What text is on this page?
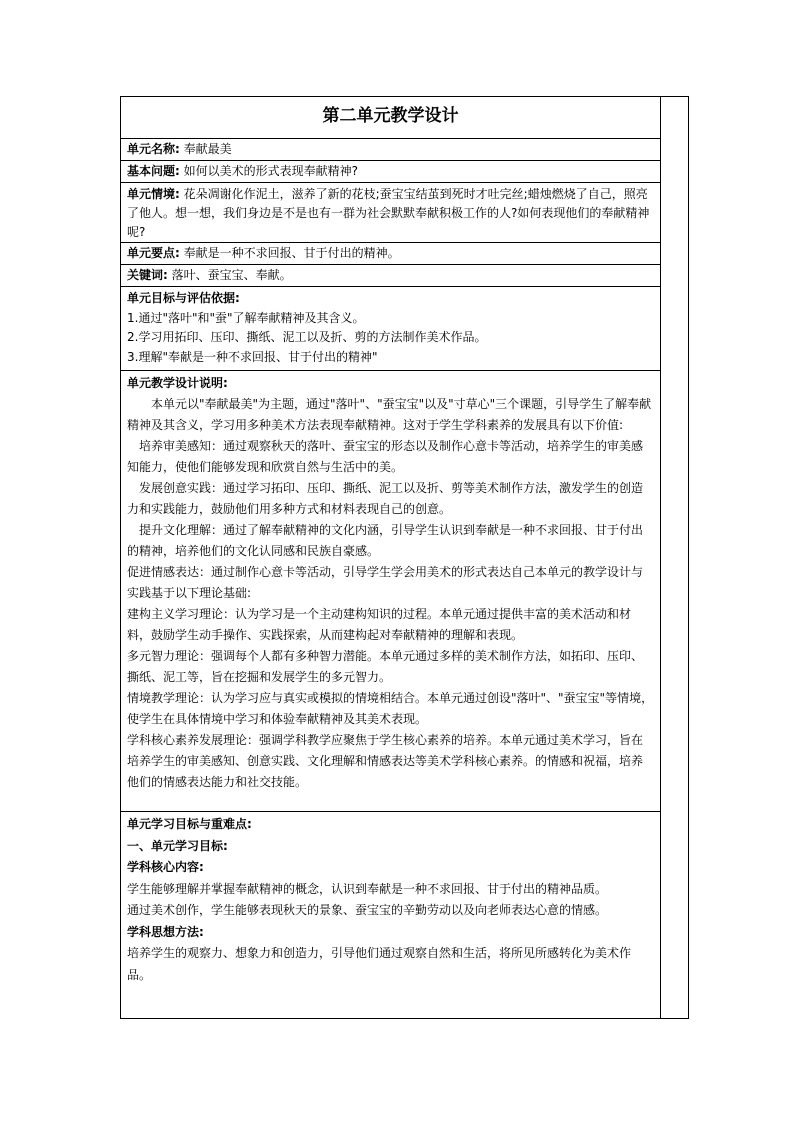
第二单元教学设计
单元名称: 奉献最美
基本问题: 如何以美术的形式表现奉献精神?
单元情境: 花朵凋谢化作泥土，滋养了新的花枝;蚕宝宝结茧到死时才吐完丝;蜡烛燃烧了自己，照亮了他人。想一想，我们身边是不是也有一群为社会默默奉献积极工作的人?如何表现他们的奉献精神呢?
单元要点: 奉献是一种不求回报、甘于付出的精神。
关键词: 落叶、蚕宝宝、奉献。

单元目标与评估依据:

1.通过"落叶"和"蚕"了解奉献精神及其含义。

2.学习用拓印、压印、撕纸、泥工以及折、剪的方法制作美术作品。

3.理解"奉献是一种不求回报、甘于付出的精神"

单元教学设计说明:

本单元以"奉献最美"为主题，通过"落叶"、"蚕宝宝"以及"寸草心"三个课题，引导学生了解奉献精神及其含义，学习用多种美术方法表现奉献精神。这对于学生学科素养的发展具有以下价值:

培养审美感知：通过观察秋天的落叶、蚕宝宝的形态以及制作心意卡等活动，培养学生的审美感知能力，使他们能够发现和欣赏自然与生活中的美。

发展创意实践：通过学习拓印、压印、撕纸、泥工以及折、剪等美术制作方法，激发学生的创造力和实践能力，鼓励他们用多种方式和材料表现自己的创意。

提升文化理解：通过了解奉献精神的文化内涵，引导学生认识到奉献是一种不求回报、甘于付出的精神，培养他们的文化认同感和民族自豪感。

促进情感表达：通过制作心意卡等活动，引导学生学会用美术的形式表达自己本单元的教学设计与实践基于以下理论基础:

建构主义学习理论：认为学习是一个主动建构知识的过程。本单元通过提供丰富的美术活动和材料，鼓励学生动手操作、实践探索，从而建构起对奉献精神的理解和表现。

多元智力理论：强调每个人都有多种智力潜能。本单元通过多样的美术制作方法，如拓印、压印、撕纸、泥工等，旨在挖掘和发展学生的多元智力。

情境教学理论：认为学习应与真实或模拟的情境相结合。本单元通过创设"落叶"、"蚕宝宝"等情境，使学生在具体情境中学习和体验奉献精神及其美术表现。

学科核心素养发展理论：强调学科教学应聚焦于学生核心素养的培养。本单元通过美术学习，旨在培养学生的审美感知、创意实践、文化理解和情感表达等美术学科核心素养。的情感和祝福，培养他们的情感表达能力和社交技能。

单元学习目标与重难点:

一、单元学习目标:

学科核心内容:

学生能够理解并掌握奉献精神的概念，认识到奉献是一种不求回报、甘于付出的精神品质。

通过美术创作，学生能够表现秋天的景象、蚕宝宝的辛勤劳动以及向老师表达心意的情感。

学科思想方法:

培养学生的观察力、想象力和创造力，引导他们通过观察自然和生活，将所见所感转化为美术作品。
